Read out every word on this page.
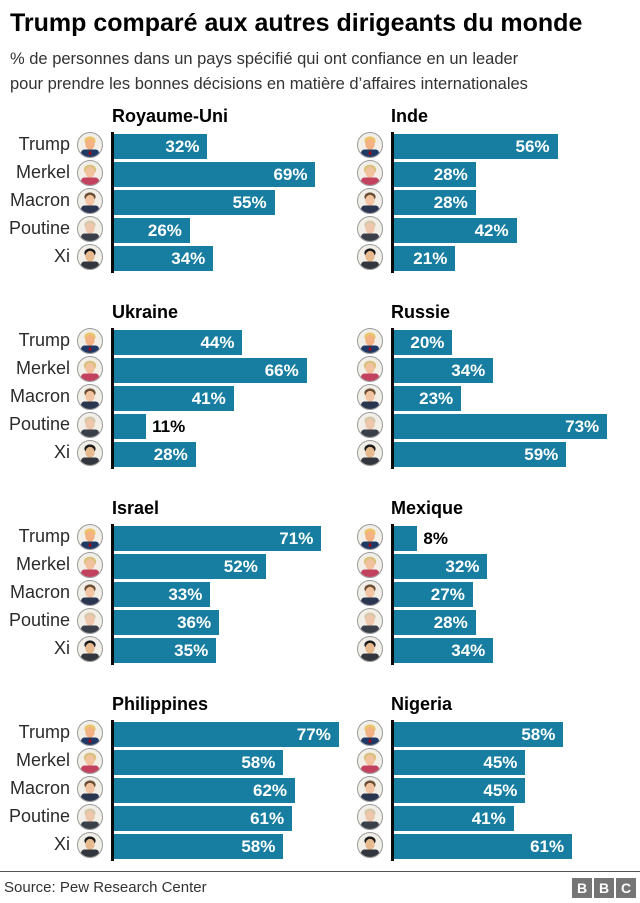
Trump comparé aux autres dirigeants du monde
% de personnes dans un pays spécifié qui ont confiance en un leader
pour prendre les bonnes décisions en matière d’affaires internationales
Royaume-Uni
Trump
Merkel
Macron
Poutine
Xi
32%
69%
55%
26%
34%
Inde
56%
28%
28%
42%
21%
Ukraine
Trump
Merkel
Macron
Poutine
Xi
44%
66%
41%
11%
28%
Russie
20%
34%
23%
73%
59%
Israel
Trump
Merkel
Macron
Poutine
Xi
71%
52%
33%
36%
35%
Mexique
8%
32%
27%
28%
34%
Philippines
Trump
Merkel
Macron
Poutine
Xi
77%
58%
62%
61%
58%
Nigeria
58%
45%
45%
41%
61%
Source: Pew Research Center	B B C
